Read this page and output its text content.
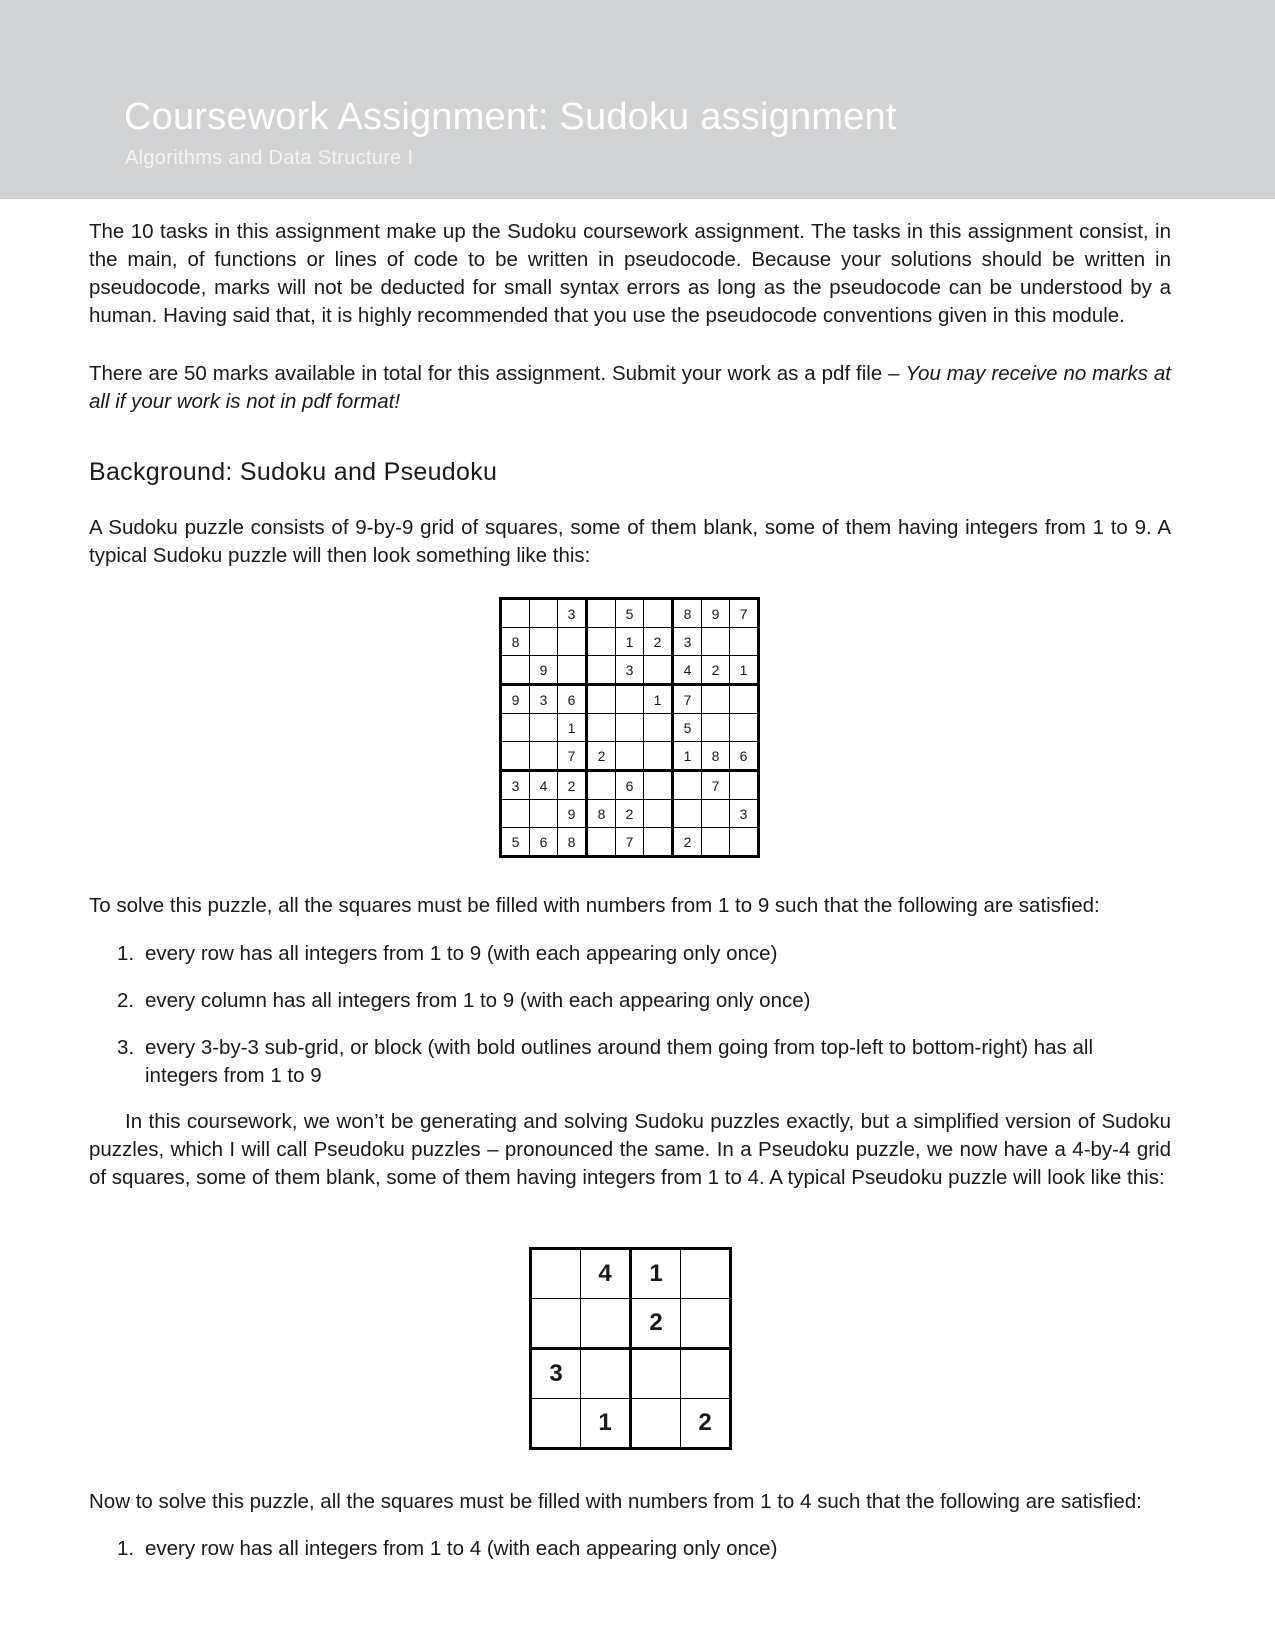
Coursework Assignment: Sudoku assignment
Algorithms and Data Structure I
The 10 tasks in this assignment make up the Sudoku coursework assignment. The tasks in this assignment consist, in the main, of functions or lines of code to be written in pseudocode. Because your solutions should be written in pseudocode, marks will not be deducted for small syntax errors as long as the pseudocode can be understood by a human. Having said that, it is highly recommended that you use the pseudocode conventions given in this module.
There are 50 marks available in total for this assignment. Submit your work as a pdf file – You may receive no marks at all if your work is not in pdf format!
Background: Sudoku and Pseudoku
A Sudoku puzzle consists of 9-by-9 grid of squares, some of them blank, some of them having integers from 1 to 9. A typical Sudoku puzzle will then look something like this:
		3		5		8	9	7
8				1	2	3		
	9			3		4	2	1
9	3	6			1	7		
		1				5		
		7	2			1	8	6
3	4	2		6			7	
		9	8	2				3
5	6	8		7		2		
To solve this puzzle, all the squares must be filled with numbers from 1 to 9 such that the following are satisfied:
1. every row has all integers from 1 to 9 (with each appearing only once)
2. every column has all integers from 1 to 9 (with each appearing only once)
3. every 3-by-3 sub-grid, or block (with bold outlines around them going from top-left to bottom-right) has all integers from 1 to 9
In this coursework, we won’t be generating and solving Sudoku puzzles exactly, but a simplified version of Sudoku puzzles, which I will call Pseudoku puzzles – pronounced the same. In a Pseudoku puzzle, we now have a 4-by-4 grid of squares, some of them blank, some of them having integers from 1 to 4. A typical Pseudoku puzzle will look like this:
	4	1	
		2	
3			
	1		2
Now to solve this puzzle, all the squares must be filled with numbers from 1 to 4 such that the following are satisfied:
1. every row has all integers from 1 to 4 (with each appearing only once)
